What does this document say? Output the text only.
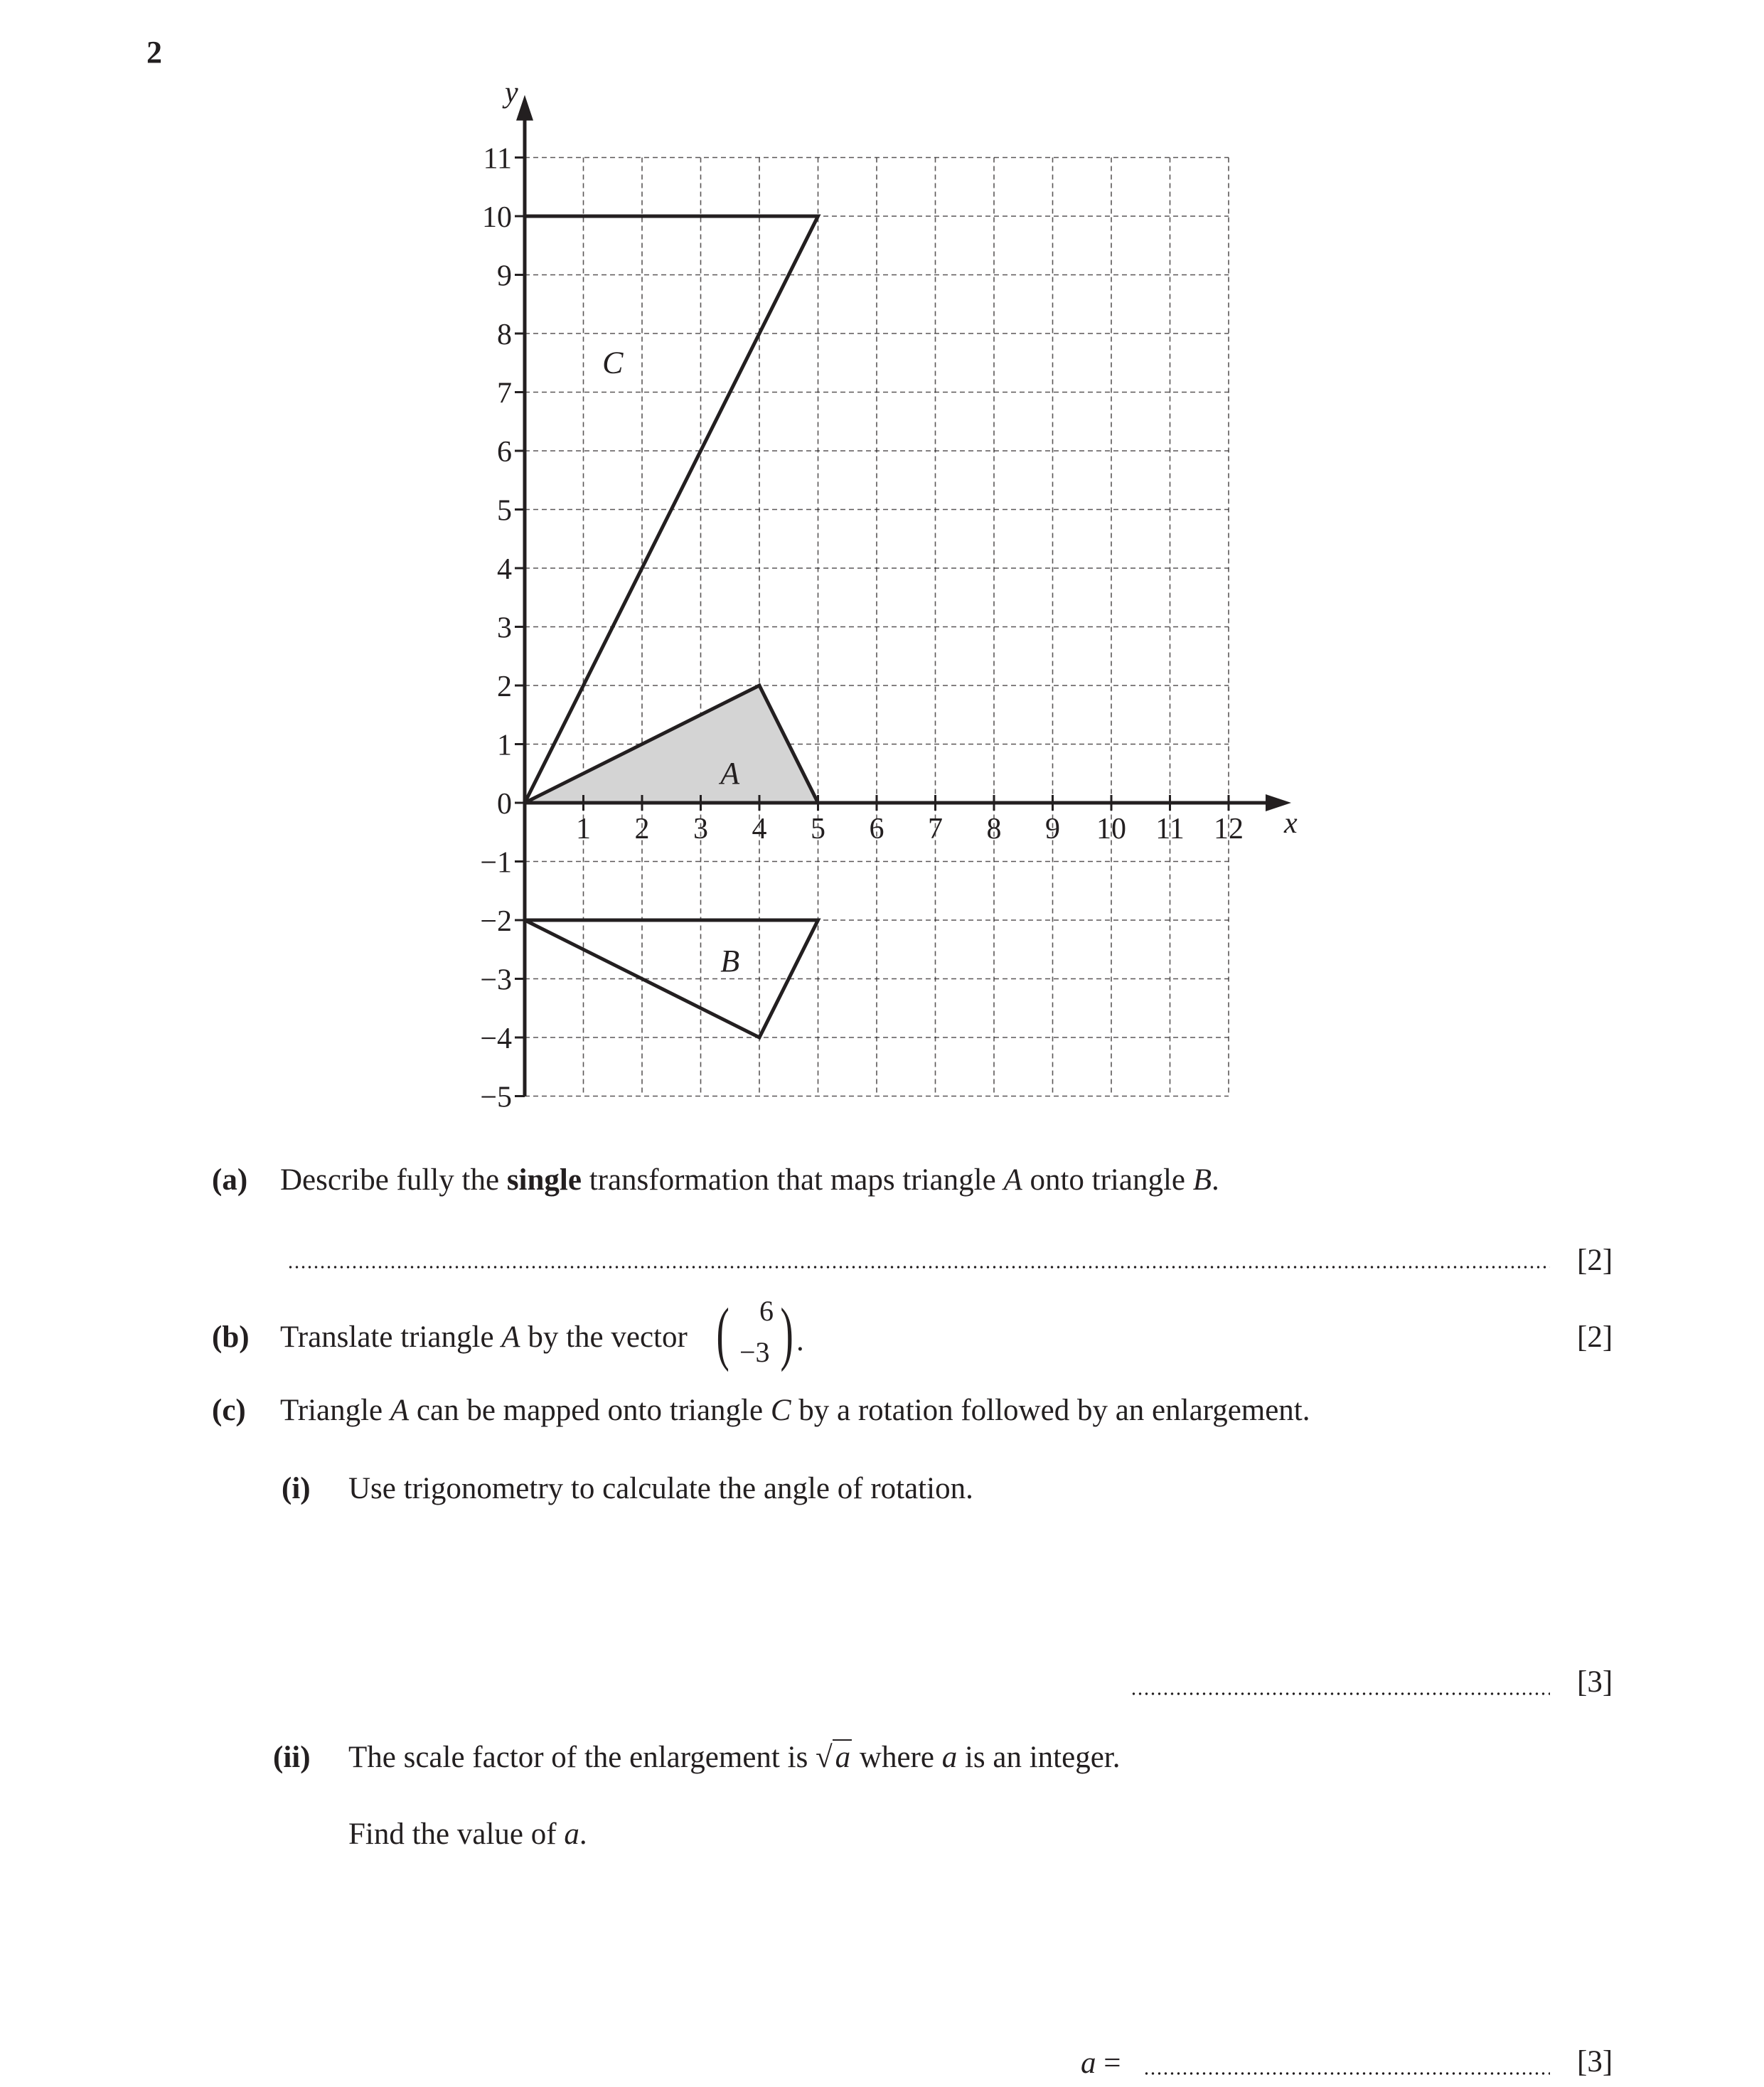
2
A
B
C
x
y
1 2 3 4 5 6 7 8 9 10 11 12
11
10
9
8
7
6
5
4
3
2
1
0
−1
−2
−3
−4
−5
(a) Describe fully the single transformation that maps triangle A onto triangle B.
[2]
(b) Translate triangle A by the vector ( 6
−3 ) .	[2]
(c) Triangle A can be mapped onto triangle C by a rotation followed by an enlargement.
(i) Use trigonometry to calculate the angle of rotation.
[3]
(ii) The scale factor of the enlargement is √a where a is an integer.
Find the value of a.
a =	[3]
